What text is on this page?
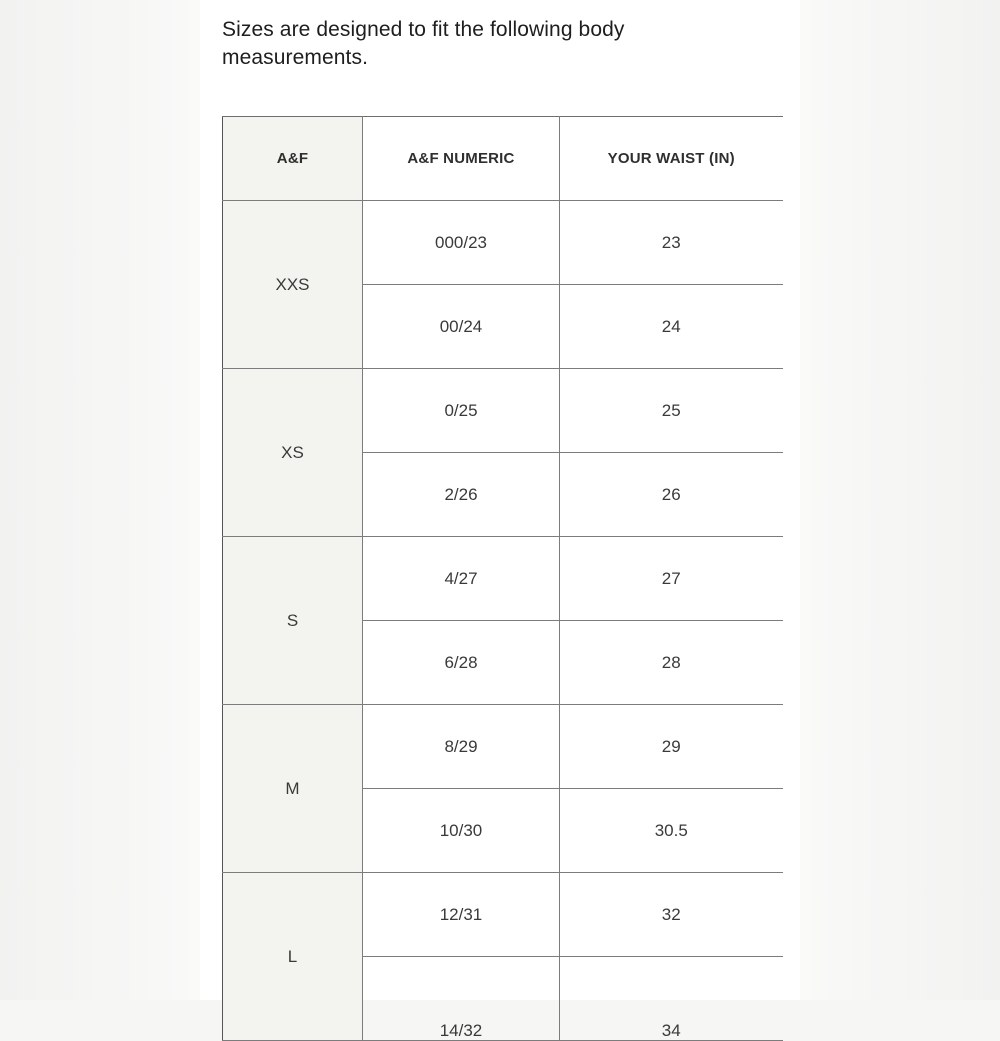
Sizes are designed to fit the following body measurements.

A&F	A&F NUMERIC	YOUR WAIST (IN)
XXS	000/23	23
	00/24	24
XS	0/25	25
	2/26	26
S	4/27	27
	6/28	28
M	8/29	29
	10/30	30.5
L	12/31	32
	14/32	34
